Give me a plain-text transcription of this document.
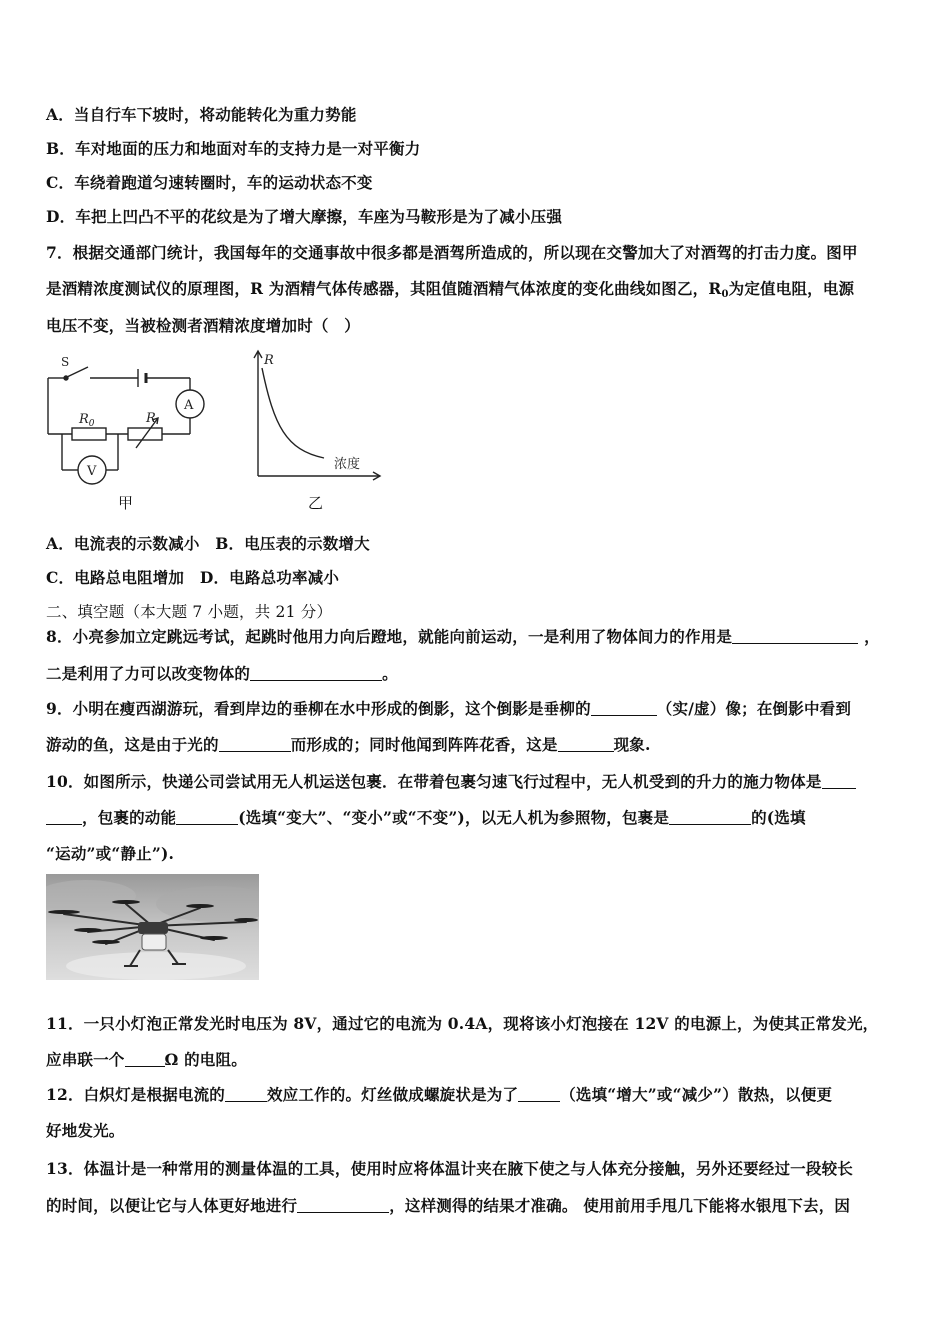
A．当自行车下坡时，将动能转化为重力势能
B．车对地面的压力和地面对车的支持力是一对平衡力
C．车绕着跑道匀速转圈时，车的运动状态不变
D．车把上凹凸不平的花纹是为了增大摩擦，车座为马鞍形是为了减小压强
7．根据交通部门统计，我国每年的交通事故中很多都是酒驾所造成的，所以现在交警加大了对酒驾的打击力度。图甲
是酒精浓度测试仪的原理图，R 为酒精气体传感器，其阻值随酒精气体浓度的变化曲线如图乙，$R_0$为定值电阻，电源
电压不变，当被检测者酒精浓度增加时（　）
S
A
V
$R_0$	R
甲
R
浓度
乙
A．电流表的示数减小　 B．电压表的示数增大
C．电路总电阻增加　 D．电路总功率减小
二、填空题（本大题 7 小题，共 21 分）
8．小亮参加立定跳远考试，起跳时他用力向后蹬地，就能向前运动，一是利用了物体间力的作用是	，
二是利用了力可以改变物体的	。
9．小明在瘦西湖游玩，看到岸边的垂柳在水中形成的倒影，这个倒影是垂柳的	（实/虚）像；在倒影中看到
游动的鱼，这是由于光的	而形成的；同时他闻到阵阵花香，这是	现象.
10．如图所示，快递公司尝试用无人机运送包裹．在带着包裹匀速飞行过程中，无人机受到的升力的施力物体是
，包裹的动能	(选填“变大”、“变小”或“不变”)，以无人机为参照物，包裹是	的(选填
“运动”或“静止”).
11．一只小灯泡正常发光时电压为 8V，通过它的电流为 0.4A，现将该小灯泡接在 12V 的电源上，为使其正常发光，
应串联一个	Ω 的电阻。
12．白炽灯是根据电流的	效应工作的。灯丝做成螺旋状是为了	（选填“增大”或“减少”）散热，以便更
好地发光。
13．体温计是一种常用的测量体温的工具，使用时应将体温计夹在腋下使之与人体充分接触，另外还要经过一段较长
的时间，以便让它与人体更好地进行	，这样测得的结果才准确。 使用前用手甩几下能将水银甩下去，因
